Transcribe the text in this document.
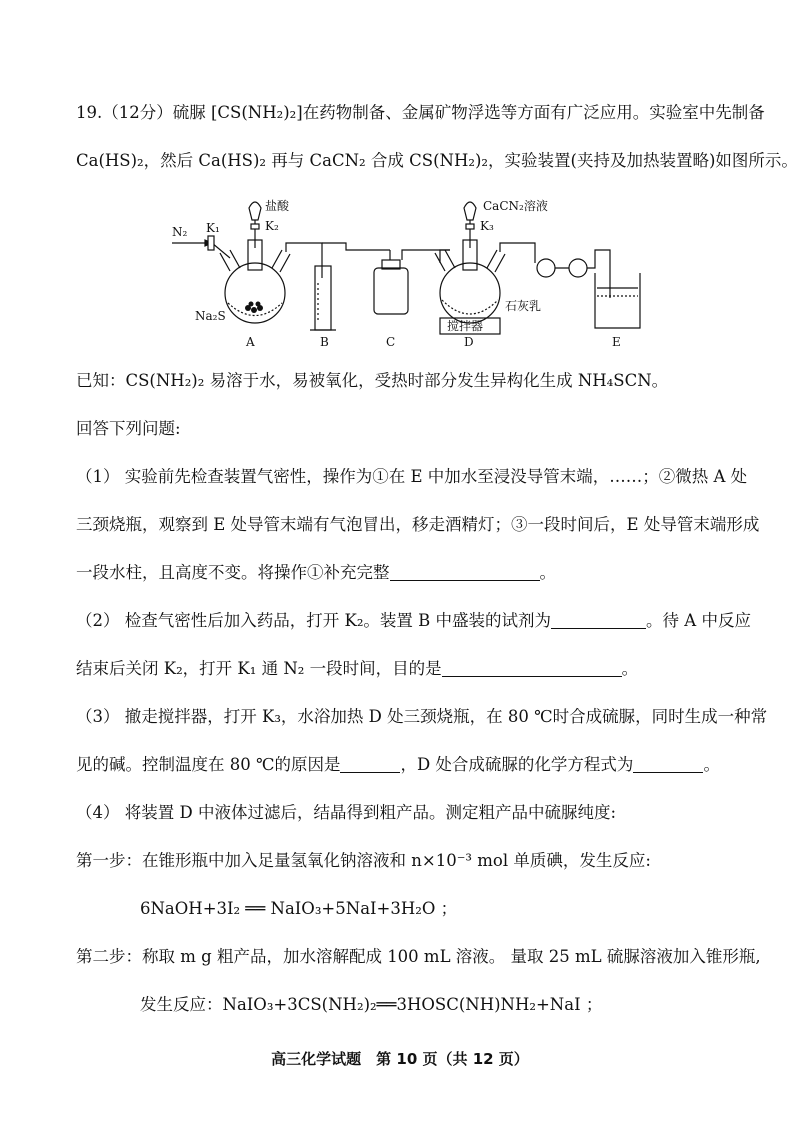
19.（12分）硫脲 [CS(NH₂)₂]在药物制备、金属矿物浮选等方面有广泛应用。实验室中先制备
Ca(HS)₂，然后 Ca(HS)₂ 再与 CaCN₂ 合成 CS(NH₂)₂，实验装置(夹持及加热装置略)如图所示。
N₂ K₁
盐酸
K₂
CaCN₂溶液
K₃
Na₂S
石灰乳
搅拌器
A	B	C	D	E
已知：CS(NH₂)₂ 易溶于水，易被氧化，受热时部分发生异构化生成 NH₄SCN。
回答下列问题:
（1） 实验前先检查装置气密性，操作为①在 E 中加水至浸没导管末端，……；②微热 A 处
三颈烧瓶，观察到 E 处导管末端有气泡冒出，移走酒精灯；③一段时间后，E 处导管末端形成
一段水柱，且高度不变。将操作①补充完整	。
（2） 检查气密性后加入药品，打开 K₂。装置 B 中盛装的试剂为	。待 A 中反应
结束后关闭 K₂，打开 K₁ 通 N₂ 一段时间，目的是	。
（3） 撤走搅拌器，打开 K₃，水浴加热 D 处三颈烧瓶，在 80 ℃时合成硫脲，同时生成一种常
见的碱。控制温度在 80 ℃的原因是	，D 处合成硫脲的化学方程式为	。
（4） 将装置 D 中液体过滤后，结晶得到粗产品。测定粗产品中硫脲纯度:
第一步：在锥形瓶中加入足量氢氧化钠溶液和 n×10⁻³ mol 单质碘，发生反应:
6NaOH+3I₂ ══ NaIO₃+5NaI+3H₂O ；
第二步：称取 m g 粗产品，加水溶解配成 100 mL 溶液。 量取 25 mL 硫脲溶液加入锥形瓶,
发生反应：NaIO₃+3CS(NH₂)₂══3HOSC(NH)NH₂+NaI ；
高三化学试题　第 10 页（共 12 页）
